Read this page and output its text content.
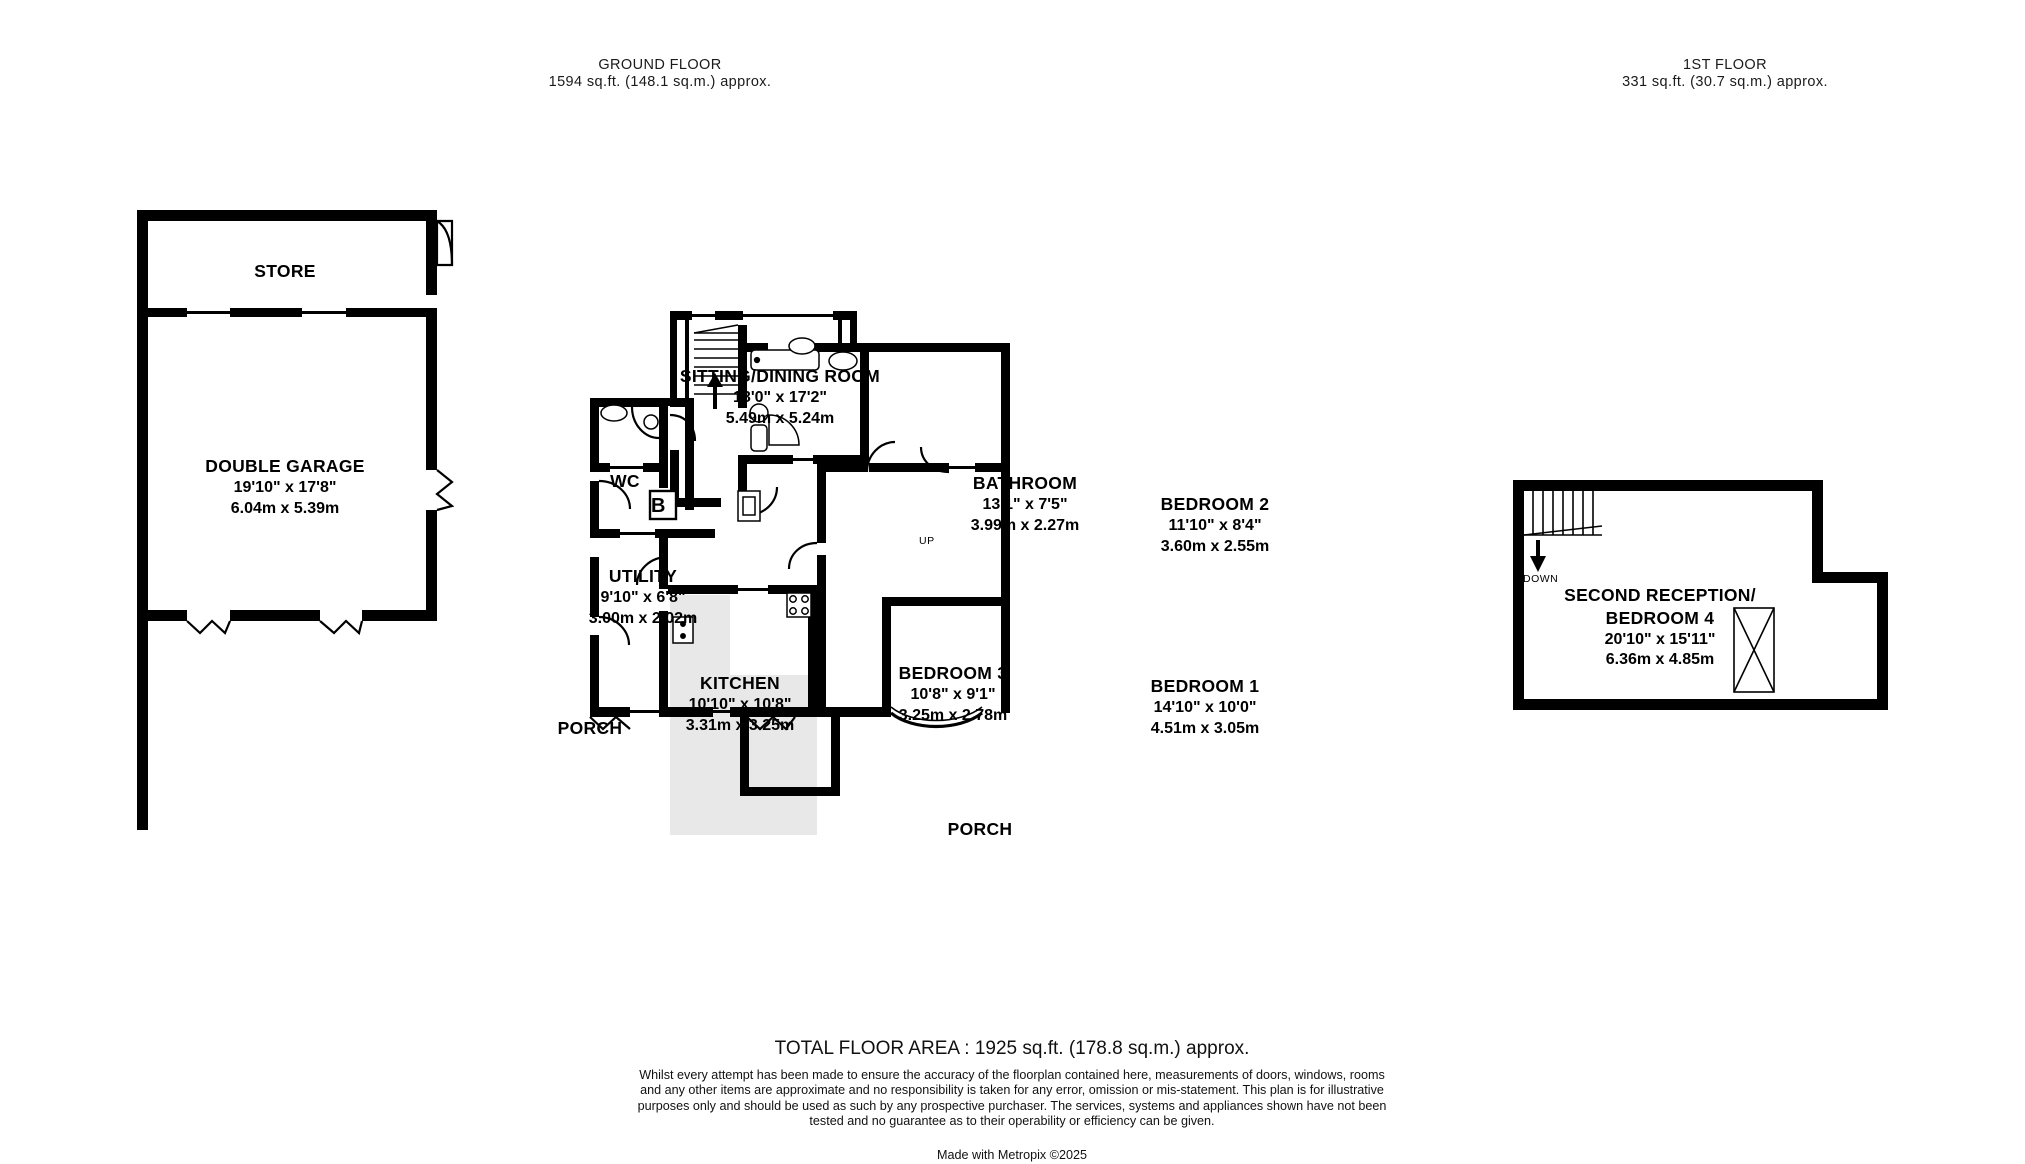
GROUND FLOOR
1594 sq.ft. (148.1 sq.m.) approx.
1ST FLOOR
331 sq.ft. (30.7 sq.m.) approx.
STORE
DOUBLE GARAGE
19'10" x 17'8"
6.04m x 5.39m	B
UP
SITTING/DINING ROOM
18'0" x 17'2"
5.49m x 5.24m
WC
UTILITY
9'10" x 6'8"
3.00m x 2.02m
KITCHEN
10'10" x 10'8"
3.31m x 3.25m
PORCH
BATHROOM
13'1" x 7'5"
3.99m x 2.27m
BEDROOM 2
11'10" x 8'4"
3.60m x 2.55m
BEDROOM 3
10'8" x 9'1"
3.25m x 2.78m
BEDROOM 1
14'10" x 10'0"
4.51m x 3.05m
PORCH
DOWN
SECOND RECEPTION/
BEDROOM 4
20'10" x 15'11"
6.36m x 4.85m
TOTAL FLOOR AREA : 1925 sq.ft. (178.8 sq.m.) approx.
Whilst every attempt has been made to ensure the accuracy of the floorplan contained here, measurements of doors, windows, rooms and any other items are approximate and no responsibility is taken for any error, omission or mis-statement. This plan is for illustrative purposes only and should be used as such by any prospective purchaser. The services, systems and appliances shown have not been tested and no guarantee as to their operability or efficiency can be given.
Made with Metropix ©2025
